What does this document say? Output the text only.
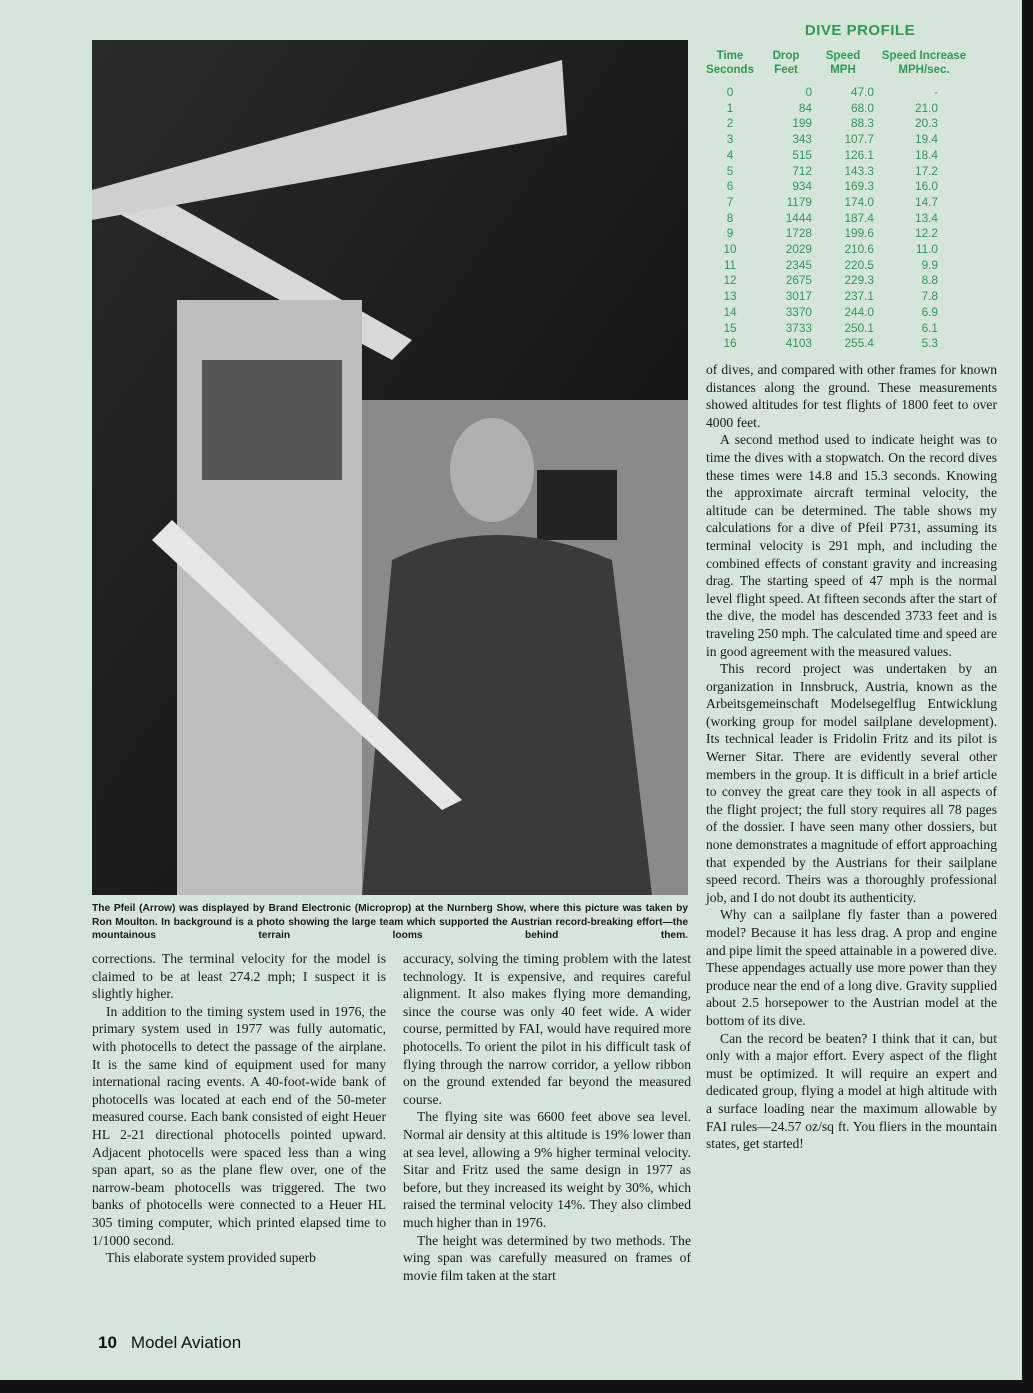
The Pfeil (Arrow) was displayed by Brand Electronic (Microprop) at the Nurnberg Show, where this picture was taken by Ron Moulton. In background is a photo showing the large team which supported the Austrian record-breaking effort—the mountainous terrain looms behind them.
DIVE PROFILE
Time Seconds
Drop Feet
Speed MPH
Speed Increase MPH/sec.
0	0	47.0	-
1	84	68.0	21.0
2	199	88.3	20.3
3	343	107.7	19.4
4	515	126.1	18.4
5	712	143.3	17.2
6	934	169.3	16.0
7	1179	174.0	14.7
8	1444	187.4	13.4
9	1728	199.6	12.2
10	2029	210.6	11.0
11	2345	220.5	9.9
12	2675	229.3	8.8
13	3017	237.1	7.8
14	3370	244.0	6.9
15	3733	250.1	6.1
16	4103	255.4	5.3

corrections. The terminal velocity for the model is claimed to be at least 274.2 mph; I suspect it is slightly higher.

In addition to the timing system used in 1976, the primary system used in 1977 was fully automatic, with photocells to detect the passage of the airplane. It is the same kind of equipment used for many international racing events. A 40-foot-wide bank of photocells was located at each end of the 50-meter measured course. Each bank consisted of eight Heuer HL 2-21 directional photocells pointed upward. Adjacent photocells were spaced less than a wing span apart, so as the plane flew over, one of the narrow-beam photocells was triggered. The two banks of photocells were connected to a Heuer HL 305 timing computer, which printed elapsed time to 1/1000 second.

This elaborate system provided superb

accuracy, solving the timing problem with the latest technology. It is expensive, and requires careful alignment. It also makes flying more demanding, since the course was only 40 feet wide. A wider course, permitted by FAI, would have required more photocells. To orient the pilot in his difficult task of flying through the narrow corridor, a yellow ribbon on the ground extended far beyond the measured course.

The flying site was 6600 feet above sea level. Normal air density at this altitude is 19% lower than at sea level, allowing a 9% higher terminal velocity. Sitar and Fritz used the same design in 1977 as before, but they increased its weight by 30%, which raised the terminal velocity 14%. They also climbed much higher than in 1976.

The height was determined by two methods. The wing span was carefully measured on frames of movie film taken at the start

of dives, and compared with other frames for known distances along the ground. These measurements showed altitudes for test flights of 1800 feet to over 4000 feet.

A second method used to indicate height was to time the dives with a stopwatch. On the record dives these times were 14.8 and 15.3 seconds. Knowing the approximate aircraft terminal velocity, the altitude can be determined. The table shows my calculations for a dive of Pfeil P731, assuming its terminal velocity is 291 mph, and including the combined effects of constant gravity and increasing drag. The starting speed of 47 mph is the normal level flight speed. At fifteen seconds after the start of the dive, the model has descended 3733 feet and is traveling 250 mph. The calculated time and speed are in good agreement with the measured values.

This record project was undertaken by an organization in Innsbruck, Austria, known as the Arbeitsgemeinschaft Modelsegelflug Entwicklung (working group for model sailplane development). Its technical leader is Fridolin Fritz and its pilot is Werner Sitar. There are evidently several other members in the group. It is difficult in a brief article to convey the great care they took in all aspects of the flight project; the full story requires all 78 pages of the dossier. I have seen many other dossiers, but none demonstrates a magnitude of effort approaching that expended by the Austrians for their sailplane speed record. Theirs was a thoroughly professional job, and I do not doubt its authenticity.

Why can a sailplane fly faster than a powered model? Because it has less drag. A prop and engine and pipe limit the speed attainable in a powered dive. These appendages actually use more power than they produce near the end of a long dive. Gravity supplied about 2.5 horsepower to the Austrian model at the bottom of its dive.

Can the record be beaten? I think that it can, but only with a major effort. Every aspect of the flight must be optimized. It will require an expert and dedicated group, flying a model at high altitude with a surface loading near the maximum allowable by FAI rules—24.57 oz/sq ft. You fliers in the mountain states, get started!

10 Model Aviation
